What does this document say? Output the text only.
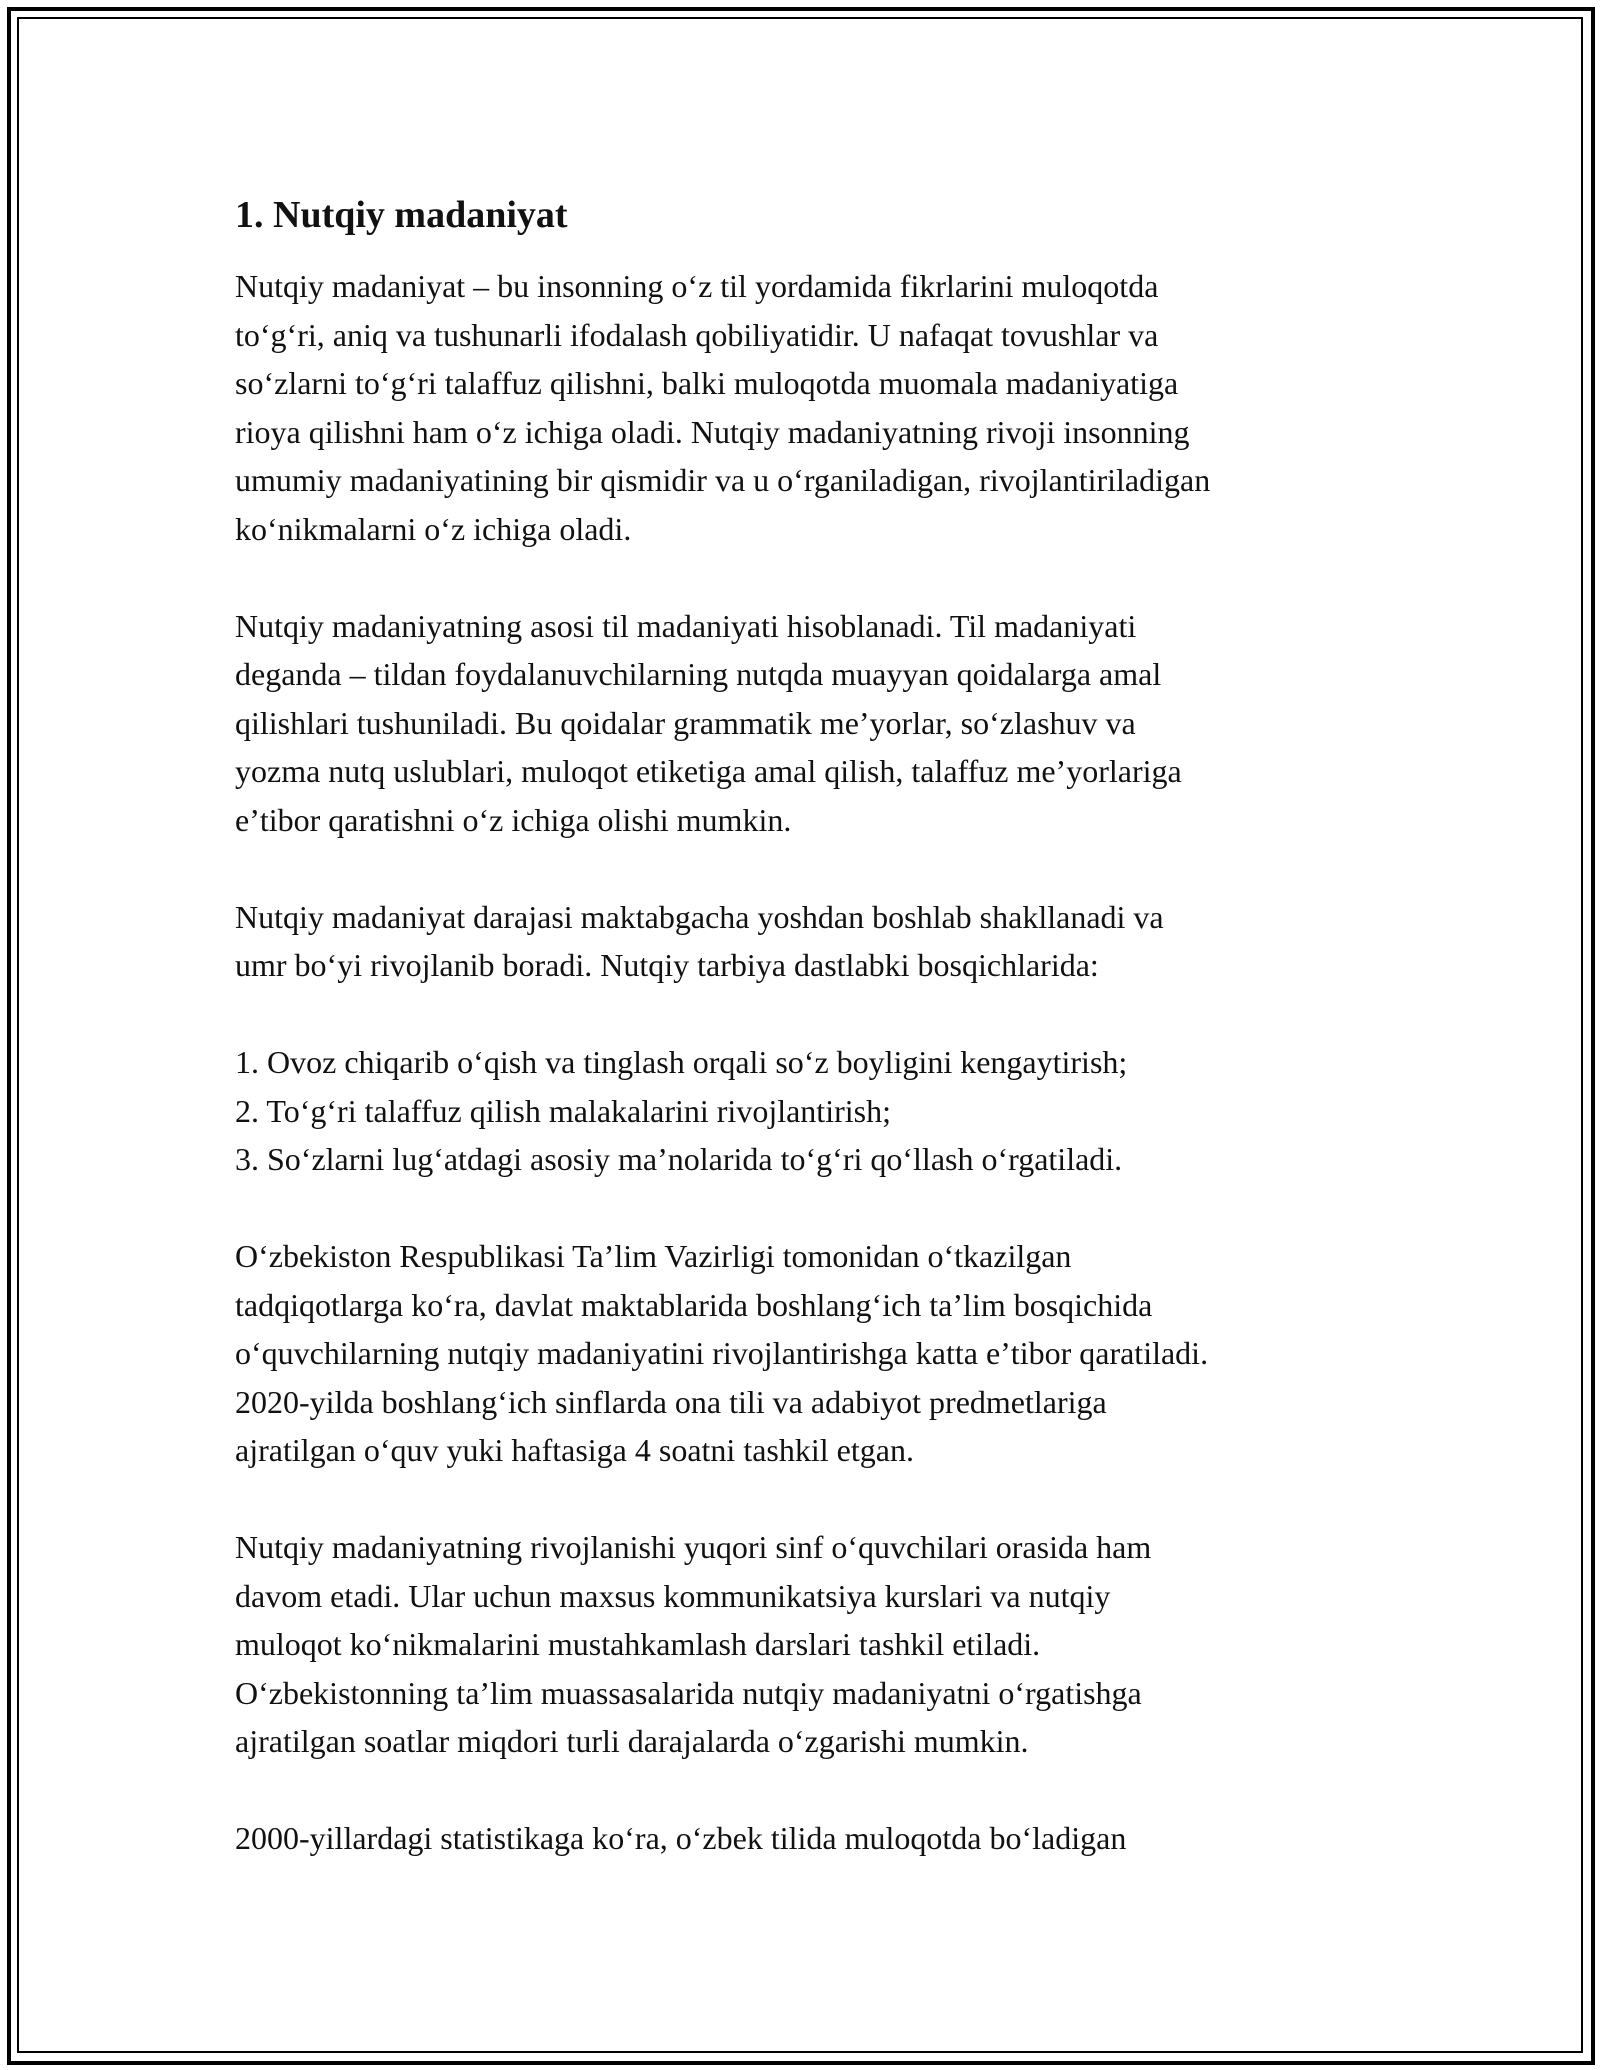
1. Nutqiy madaniyat

Nutqiy madaniyat – bu insonning oʻz til yordamida fikrlarini muloqotda
toʻgʻri, aniq va tushunarli ifodalash qobiliyatidir. U nafaqat tovushlar va
soʻzlarni toʻgʻri talaffuz qilishni, balki muloqotda muomala madaniyatiga
rioya qilishni ham oʻz ichiga oladi. Nutqiy madaniyatning rivoji insonning
umumiy madaniyatining bir qismidir va u oʻrganiladigan, rivojlantiriladigan
koʻnikmalarni oʻz ichiga oladi.

Nutqiy madaniyatning asosi til madaniyati hisoblanadi. Til madaniyati
deganda – tildan foydalanuvchilarning nutqda muayyan qoidalarga amal
qilishlari tushuniladi. Bu qoidalar grammatik meʼyorlar, soʻzlashuv va
yozma nutq uslublari, muloqot etiketiga amal qilish, talaffuz meʼyorlariga
eʼtibor qaratishni oʻz ichiga olishi mumkin.

Nutqiy madaniyat darajasi maktabgacha yoshdan boshlab shakllanadi va
umr boʻyi rivojlanib boradi. Nutqiy tarbiya dastlabki bosqichlarida:

1. Ovoz chiqarib oʻqish va tinglash orqali soʻz boyligini kengaytirish;
2. Toʻgʻri talaffuz qilish malakalarini rivojlantirish;
3. Soʻzlarni lugʻatdagi asosiy maʼnolarida toʻgʻri qoʻllash oʻrgatiladi.

Oʻzbekiston Respublikasi Taʼlim Vazirligi tomonidan oʻtkazilgan
tadqiqotlarga koʻra, davlat maktablarida boshlangʻich taʼlim bosqichida
oʻquvchilarning nutqiy madaniyatini rivojlantirishga katta eʼtibor qaratiladi.
2020-yilda boshlangʻich sinflarda ona tili va adabiyot predmetlariga
ajratilgan oʻquv yuki haftasiga 4 soatni tashkil etgan.

Nutqiy madaniyatning rivojlanishi yuqori sinf oʻquvchilari orasida ham
davom etadi. Ular uchun maxsus kommunikatsiya kurslari va nutqiy
muloqot koʻnikmalarini mustahkamlash darslari tashkil etiladi.
Oʻzbekistonning taʼlim muassasalarida nutqiy madaniyatni oʻrgatishga
ajratilgan soatlar miqdori turli darajalarda oʻzgarishi mumkin.

2000-yillardagi statistikaga koʻra, oʻzbek tilida muloqotda boʻladigan
